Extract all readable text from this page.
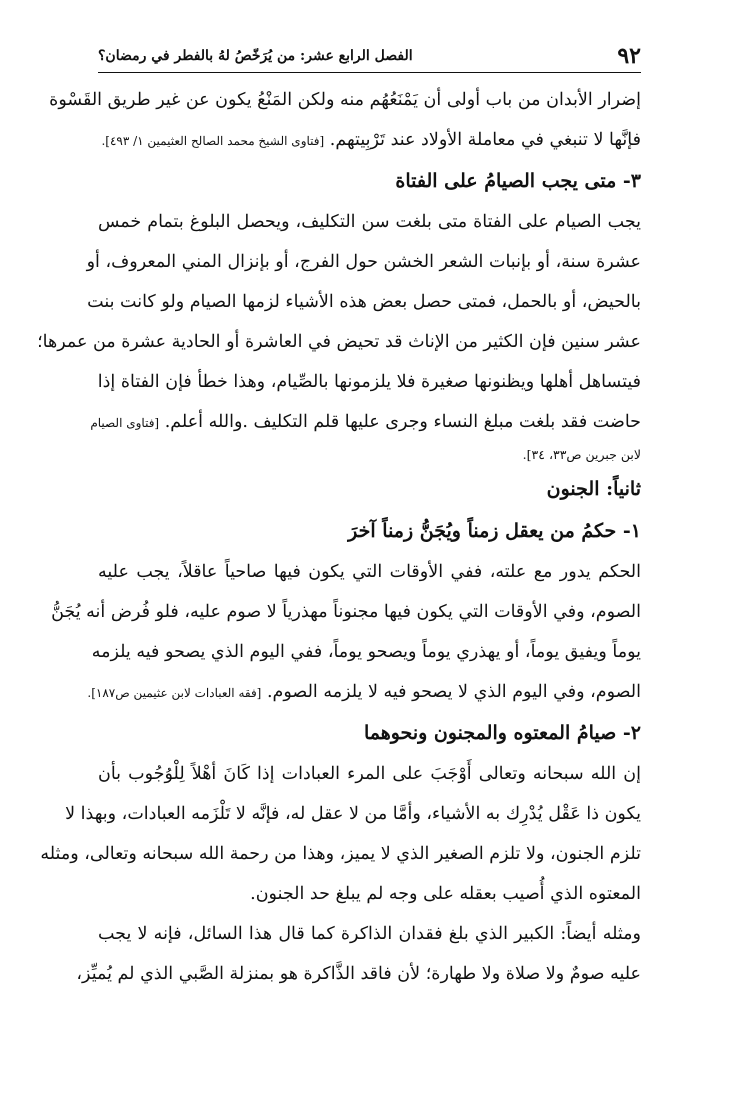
٩٢
الفصل الرابع عشر: من يُرَخّصُ لهُ بالفطر في رمضان؟
إضرار الأبدان من باب أولى أن يَمْنَعُهُم منه ولكن المَنْعُ يكون عن غير طريق القَسْوة
فإنَّها لا تنبغي في معاملة الأولاد عند تَرْبِيتهم. [فتاوى الشيخ محمد الصالح العثيمين ١/ ٤٩٣].
٣- متى يجب الصيامُ على الفتاة
يجب الصيام على الفتاة متى بلغت سن التكليف، ويحصل البلوغ بتمام خمس
عشرة سنة، أو بإنبات الشعر الخشن حول الفرج، أو بإنزال المني المعروف، أو
بالحيض، أو بالحمل، فمتى حصل بعض هذه الأشياء لزمها الصيام ولو كانت بنت
عشر سنين فإن الكثير من الإناث قد تحيض في العاشرة أو الحادية عشرة من عمرها؛
فيتساهل أهلها ويظنونها صغيرة فلا يلزمونها بالصِّيام، وهذا خطأ فإن الفتاة إذا
حاضت فقد بلغت مبلغ النساء وجرى عليها قلم التكليف .والله أعلم. [فتاوى الصيام
لابن جبرين ص٣٣، ٣٤].
ثانياً: الجنون
١- حكمُ من يعقل زمناً ويُجَنُّ زمناً آخرَ
الحكم يدور مع علته، ففي الأوقات التي يكون فيها صاحياً عاقلاً، يجب عليه
الصوم، وفي الأوقات التي يكون فيها مجنوناً مهذرياً لا صوم عليه، فلو فُرض أنه يُجَنُّ
يوماً ويفيق يوماً، أو يهذري يوماً ويصحو يوماً، ففي اليوم الذي يصحو فيه يلزمه
الصوم، وفي اليوم الذي لا يصحو فيه لا يلزمه الصوم. [فقه العبادات لابن عثيمين ص١٨٧].
٢- صيامُ المعتوه والمجنون ونحوهما
إن الله سبحانه وتعالى أَوْجَبَ على المرء العبادات إذا كَانَ أهْلاً لِلْوُجُوب بأن
يكون ذا عَقْل يُدْرِك به الأشياء، وأمَّا من لا عقل له، فإنَّه لا تَلْزَمه العبادات، وبهذا لا
تلزم الجنون، ولا تلزم الصغير الذي لا يميز، وهذا من رحمة الله سبحانه وتعالى، ومثله
المعتوه الذي أُصيب بعقله على وجه لم يبلغ حد الجنون.
ومثله أيضاً: الكبير الذي بلغ فقدان الذاكرة كما قال هذا السائل، فإنه لا يجب
عليه صومٌ ولا صلاة ولا طهارة؛ لأن فاقد الذَّاكرة هو بمنزلة الصَّبي الذي لم يُميِّز،
